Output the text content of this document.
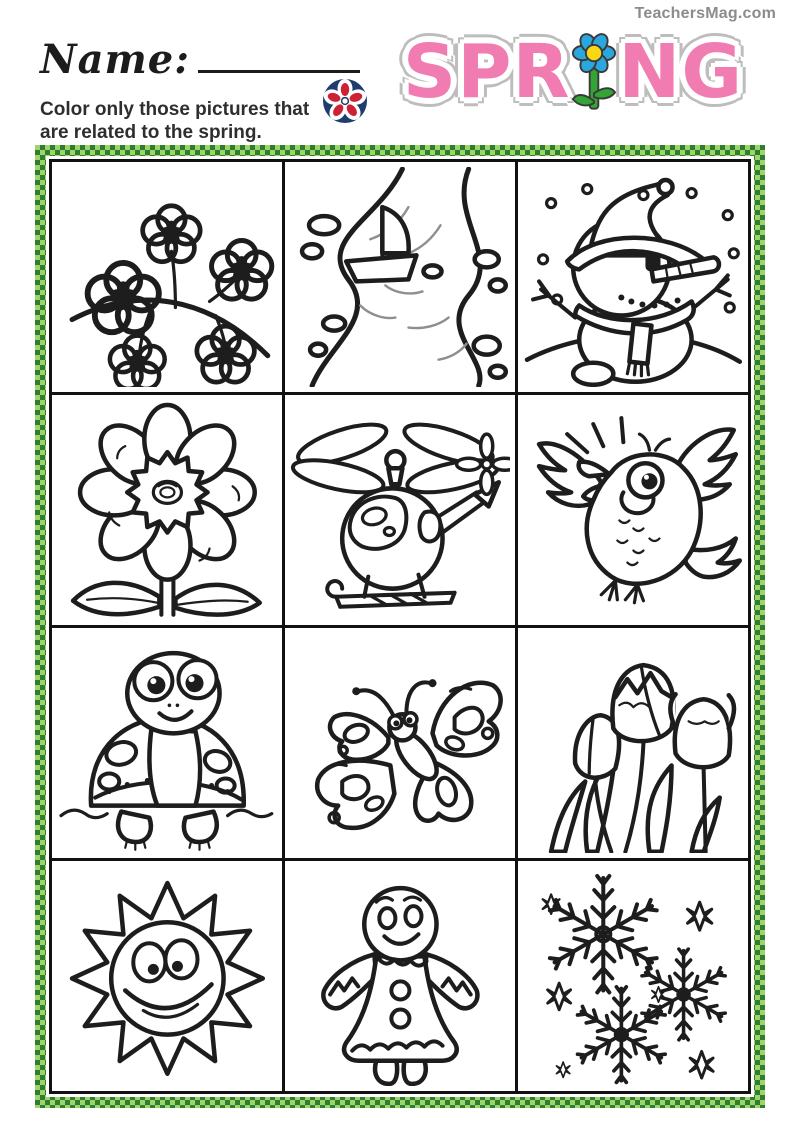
TeachersMag.com
Name:
Color only those pictures that
are related to the spring.
SPR NG
